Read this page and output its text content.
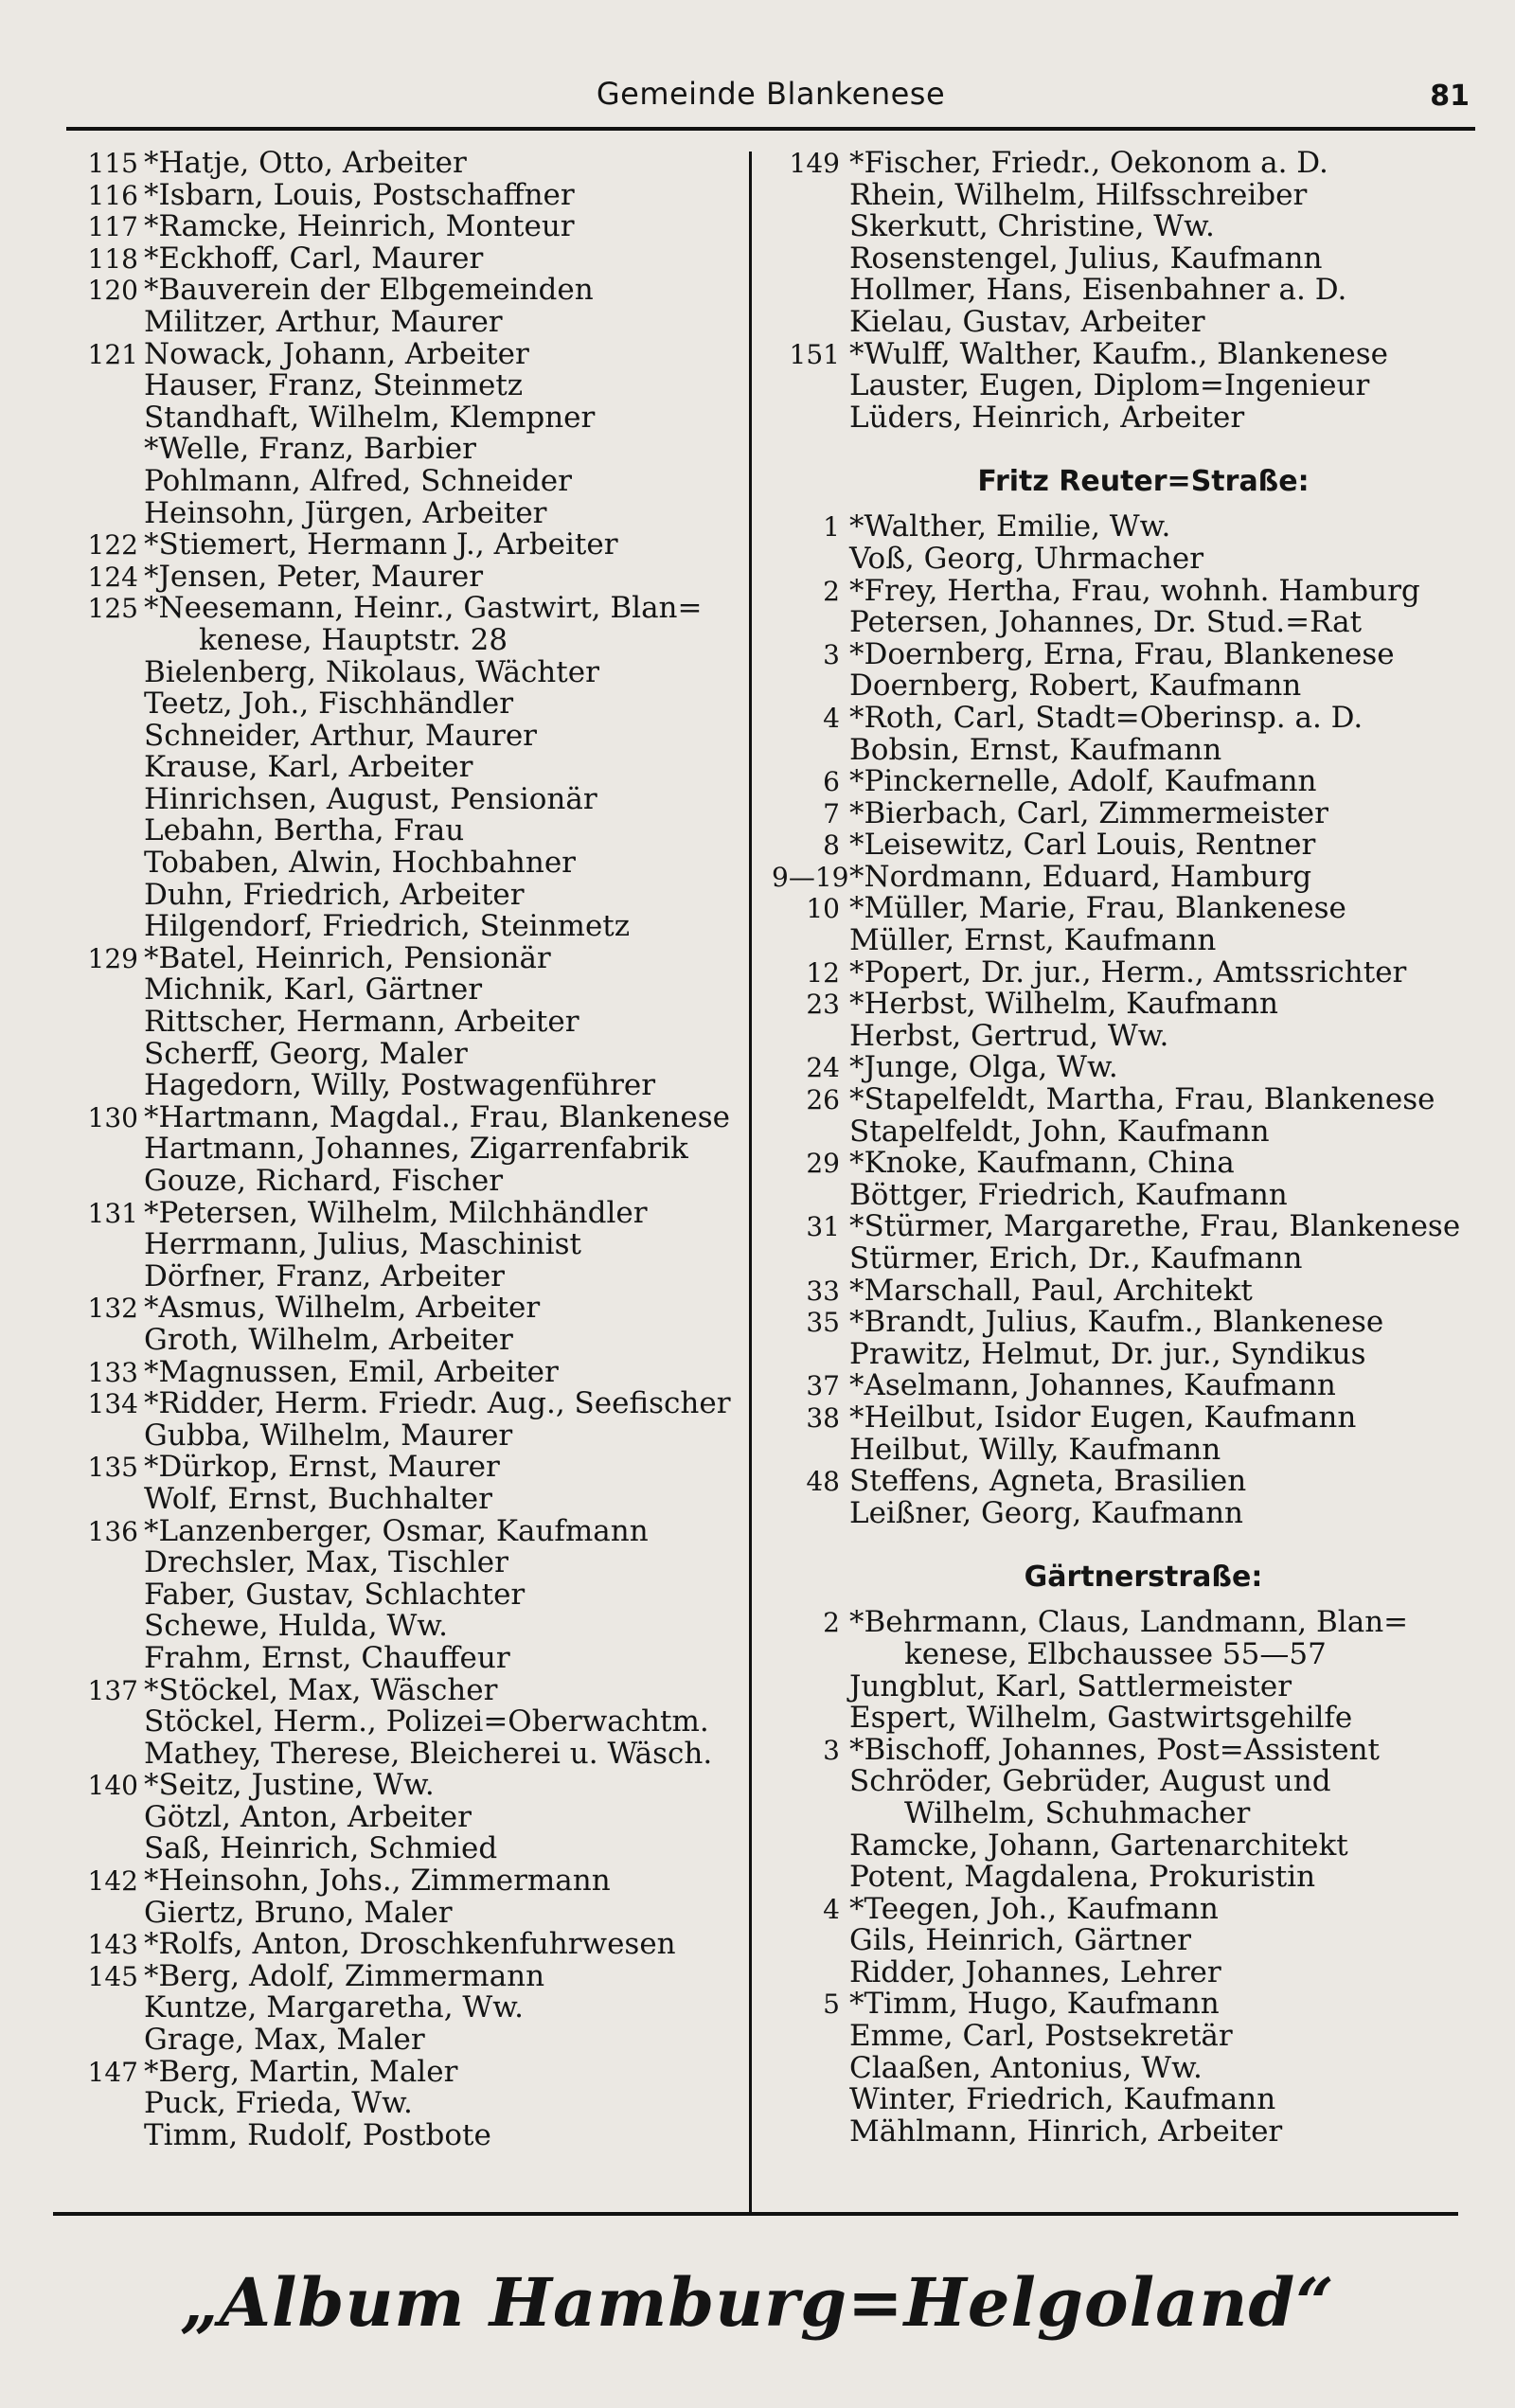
Gemeinde Blankenese	81
115 *Hatje, Otto, Arbeiter
116 *Isbarn, Louis, Postschaffner
117 *Ramcke, Heinrich, Monteur
118 *Eckhoff, Carl, Maurer
120 *Bauverein der Elbgemeinden
Militzer, Arthur, Maurer
121 Nowack, Johann, Arbeiter
Hauser, Franz, Steinmetz
Standhaft, Wilhelm, Klempner
*Welle, Franz, Barbier
Pohlmann, Alfred, Schneider
Heinsohn, Jürgen, Arbeiter
122 *Stiemert, Hermann J., Arbeiter
124 *Jensen, Peter, Maurer
125 *Neesemann, Heinr., Gastwirt, Blan=
kenese, Hauptstr. 28
Bielenberg, Nikolaus, Wächter
Teetz, Joh., Fischhändler
Schneider, Arthur, Maurer
Krause, Karl, Arbeiter
Hinrichsen, August, Pensionär
Lebahn, Bertha, Frau
Tobaben, Alwin, Hochbahner
Duhn, Friedrich, Arbeiter
Hilgendorf, Friedrich, Steinmetz
129 *Batel, Heinrich, Pensionär
Michnik, Karl, Gärtner
Rittscher, Hermann, Arbeiter
Scherff, Georg, Maler
Hagedorn, Willy, Postwagenführer
130 *Hartmann, Magdal., Frau, Blankenese
Hartmann, Johannes, Zigarrenfabrik
Gouze, Richard, Fischer
131 *Petersen, Wilhelm, Milchhändler
Herrmann, Julius, Maschinist
Dörfner, Franz, Arbeiter
132 *Asmus, Wilhelm, Arbeiter
Groth, Wilhelm, Arbeiter
133 *Magnussen, Emil, Arbeiter
134 *Ridder, Herm. Friedr. Aug., Seefischer
Gubba, Wilhelm, Maurer
135 *Dürkop, Ernst, Maurer
Wolf, Ernst, Buchhalter
136 *Lanzenberger, Osmar, Kaufmann
Drechsler, Max, Tischler
Faber, Gustav, Schlachter
Schewe, Hulda, Ww.
Frahm, Ernst, Chauffeur
137 *Stöckel, Max, Wäscher
Stöckel, Herm., Polizei=Oberwachtm.
Mathey, Therese, Bleicherei u. Wäsch.
140 *Seitz, Justine, Ww.
Götzl, Anton, Arbeiter
Saß, Heinrich, Schmied
142 *Heinsohn, Johs., Zimmermann
Giertz, Bruno, Maler
143 *Rolfs, Anton, Droschkenfuhrwesen
145 *Berg, Adolf, Zimmermann
Kuntze, Margaretha, Ww.
Grage, Max, Maler
147 *Berg, Martin, Maler
Puck, Frieda, Ww.
Timm, Rudolf, Postbote
149 *Fischer, Friedr., Oekonom a. D.
Rhein, Wilhelm, Hilfsschreiber
Skerkutt, Christine, Ww.
Rosenstengel, Julius, Kaufmann
Hollmer, Hans, Eisenbahner a. D.
Kielau, Gustav, Arbeiter
151 *Wulff, Walther, Kaufm., Blankenese
Lauster, Eugen, Diplom=Ingenieur
Lüders, Heinrich, Arbeiter
Fritz Reuter=Straße:
1 *Walther, Emilie, Ww.
Voß, Georg, Uhrmacher
2 *Frey, Hertha, Frau, wohnh. Hamburg
Petersen, Johannes, Dr. Stud.=Rat
3 *Doernberg, Erna, Frau, Blankenese
Doernberg, Robert, Kaufmann
4 *Roth, Carl, Stadt=Oberinsp. a. D.
Bobsin, Ernst, Kaufmann
6 *Pinckernelle, Adolf, Kaufmann
7 *Bierbach, Carl, Zimmermeister
8 *Leisewitz, Carl Louis, Rentner
9—19 *Nordmann, Eduard, Hamburg
10 *Müller, Marie, Frau, Blankenese
Müller, Ernst, Kaufmann
12 *Popert, Dr. jur., Herm., Amtssrichter
23 *Herbst, Wilhelm, Kaufmann
Herbst, Gertrud, Ww.
24 *Junge, Olga, Ww.
26 *Stapelfeldt, Martha, Frau, Blankenese
Stapelfeldt, John, Kaufmann
29 *Knoke, Kaufmann, China
Böttger, Friedrich, Kaufmann
31 *Stürmer, Margarethe, Frau, Blankenese
Stürmer, Erich, Dr., Kaufmann
33 *Marschall, Paul, Architekt
35 *Brandt, Julius, Kaufm., Blankenese
Prawitz, Helmut, Dr. jur., Syndikus
37 *Aselmann, Johannes, Kaufmann
38 *Heilbut, Isidor Eugen, Kaufmann
Heilbut, Willy, Kaufmann
48 Steffens, Agneta, Brasilien
Leißner, Georg, Kaufmann
Gärtnerstraße:
2 *Behrmann, Claus, Landmann, Blan=
kenese, Elbchaussee 55—57
Jungblut, Karl, Sattlermeister
Espert, Wilhelm, Gastwirtsgehilfe
3 *Bischoff, Johannes, Post=Assistent
Schröder, Gebrüder, August und
Wilhelm, Schuhmacher
Ramcke, Johann, Gartenarchitekt
Potent, Magdalena, Prokuristin
4 *Teegen, Joh., Kaufmann
Gils, Heinrich, Gärtner
Ridder, Johannes, Lehrer
5 *Timm, Hugo, Kaufmann
Emme, Carl, Postsekretär
Claaßen, Antonius, Ww.
Winter, Friedrich, Kaufmann
Mählmann, Hinrich, Arbeiter
„Album Hamburg=Helgoland“
